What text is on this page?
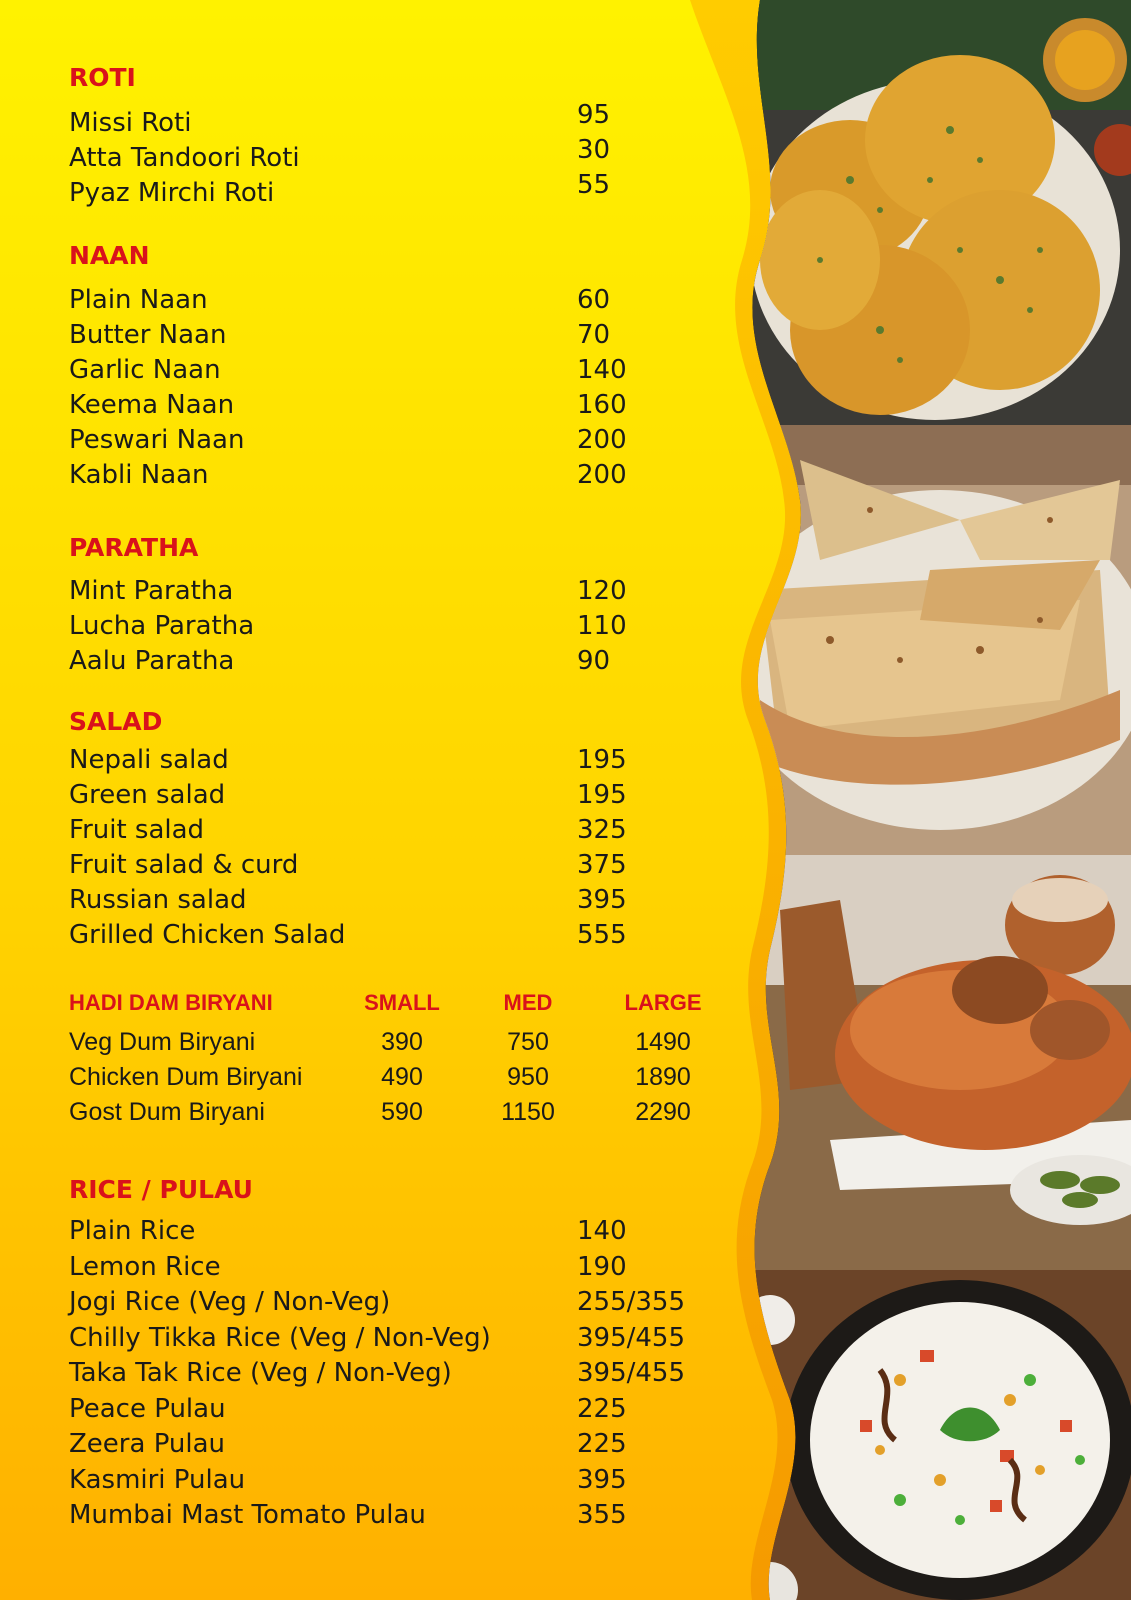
ROTI
Missi Roti	95
Atta Tandoori Roti	30
Pyaz Mirchi Roti	55
NAAN
Plain Naan	60
Butter Naan	70
Garlic Naan	140
Keema Naan	160
Peswari Naan	200
Kabli Naan	200
PARATHA
Mint Paratha	120
Lucha Paratha	110
Aalu Paratha	90
SALAD
Nepali salad	195
Green salad	195
Fruit salad	325
Fruit salad & curd	375
Russian salad	395
Grilled Chicken Salad	555
HADI DAM BIRYANI	SMALL	MED	LARGE
Veg Dum Biryani	390	750	1490
Chicken Dum Biryani	490	950	1890
Gost Dum Biryani	590	1150	2290
RICE / PULAU
Plain Rice	140
Lemon Rice	190
Jogi Rice (Veg / Non-Veg)	255/355
Chilly Tikka Rice (Veg / Non-Veg)	395/455
Taka Tak Rice (Veg / Non-Veg)	395/455
Peace Pulau	225
Zeera Pulau	225
Kasmiri Pulau	395
Mumbai Mast Tomato Pulau	355
